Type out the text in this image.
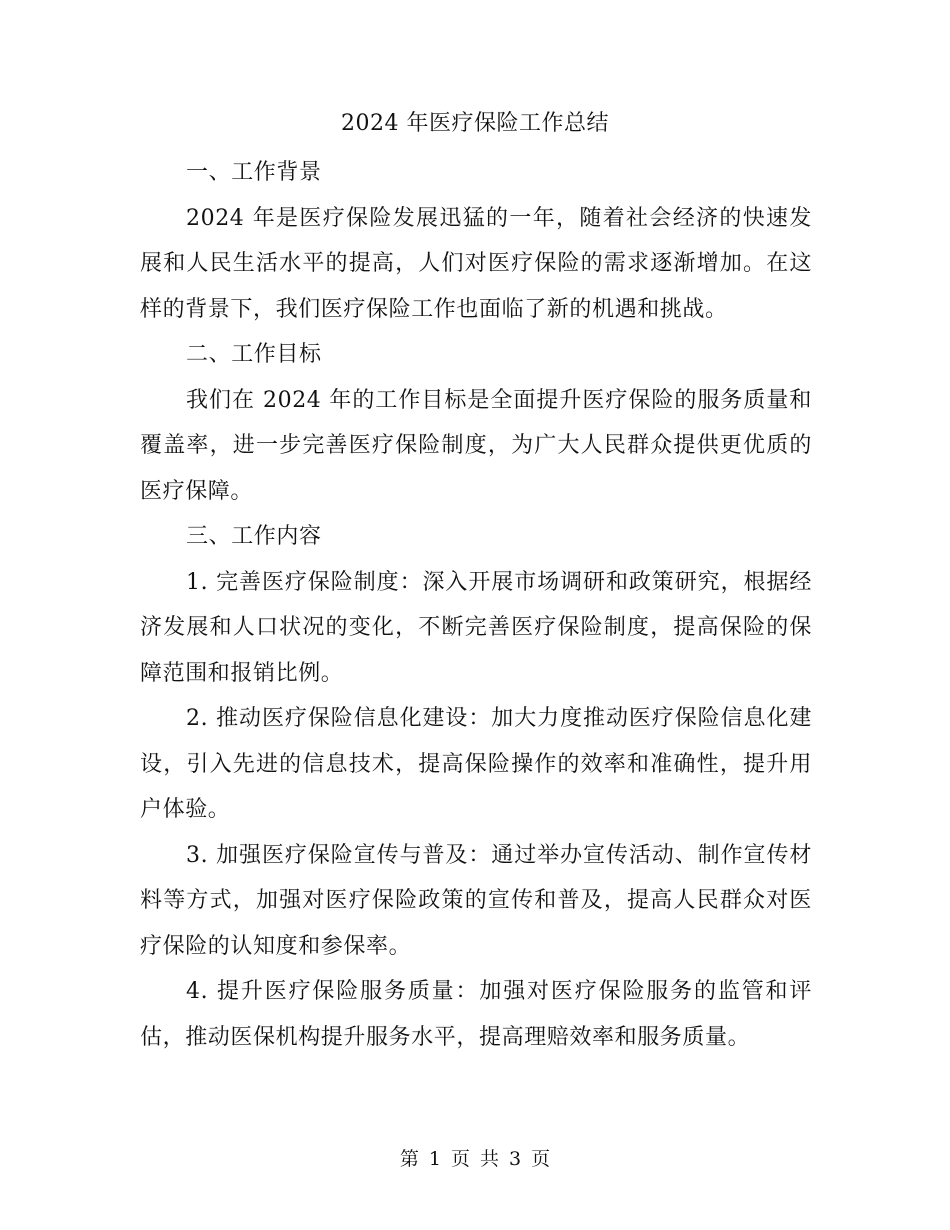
2024 年医疗保险工作总结

一、工作背景

2024 年是医疗保险发展迅猛的一年，随着社会经济的快速发展和人民生活水平的提高，人们对医疗保险的需求逐渐增加。在这样的背景下，我们医疗保险工作也面临了新的机遇和挑战。

二、工作目标

我们在 2024 年的工作目标是全面提升医疗保险的服务质量和覆盖率，进一步完善医疗保险制度，为广大人民群众提供更优质的医疗保障。

三、工作内容

1. 完善医疗保险制度：深入开展市场调研和政策研究，根据经济发展和人口状况的变化，不断完善医疗保险制度，提高保险的保障范围和报销比例。

2. 推动医疗保险信息化建设：加大力度推动医疗保险信息化建设，引入先进的信息技术，提高保险操作的效率和准确性，提升用户体验。

3. 加强医疗保险宣传与普及：通过举办宣传活动、制作宣传材料等方式，加强对医疗保险政策的宣传和普及，提高人民群众对医疗保险的认知度和参保率。

4. 提升医疗保险服务质量：加强对医疗保险服务的监管和评估，推动医保机构提升服务水平，提高理赔效率和服务质量。

第 1 页 共 3 页
